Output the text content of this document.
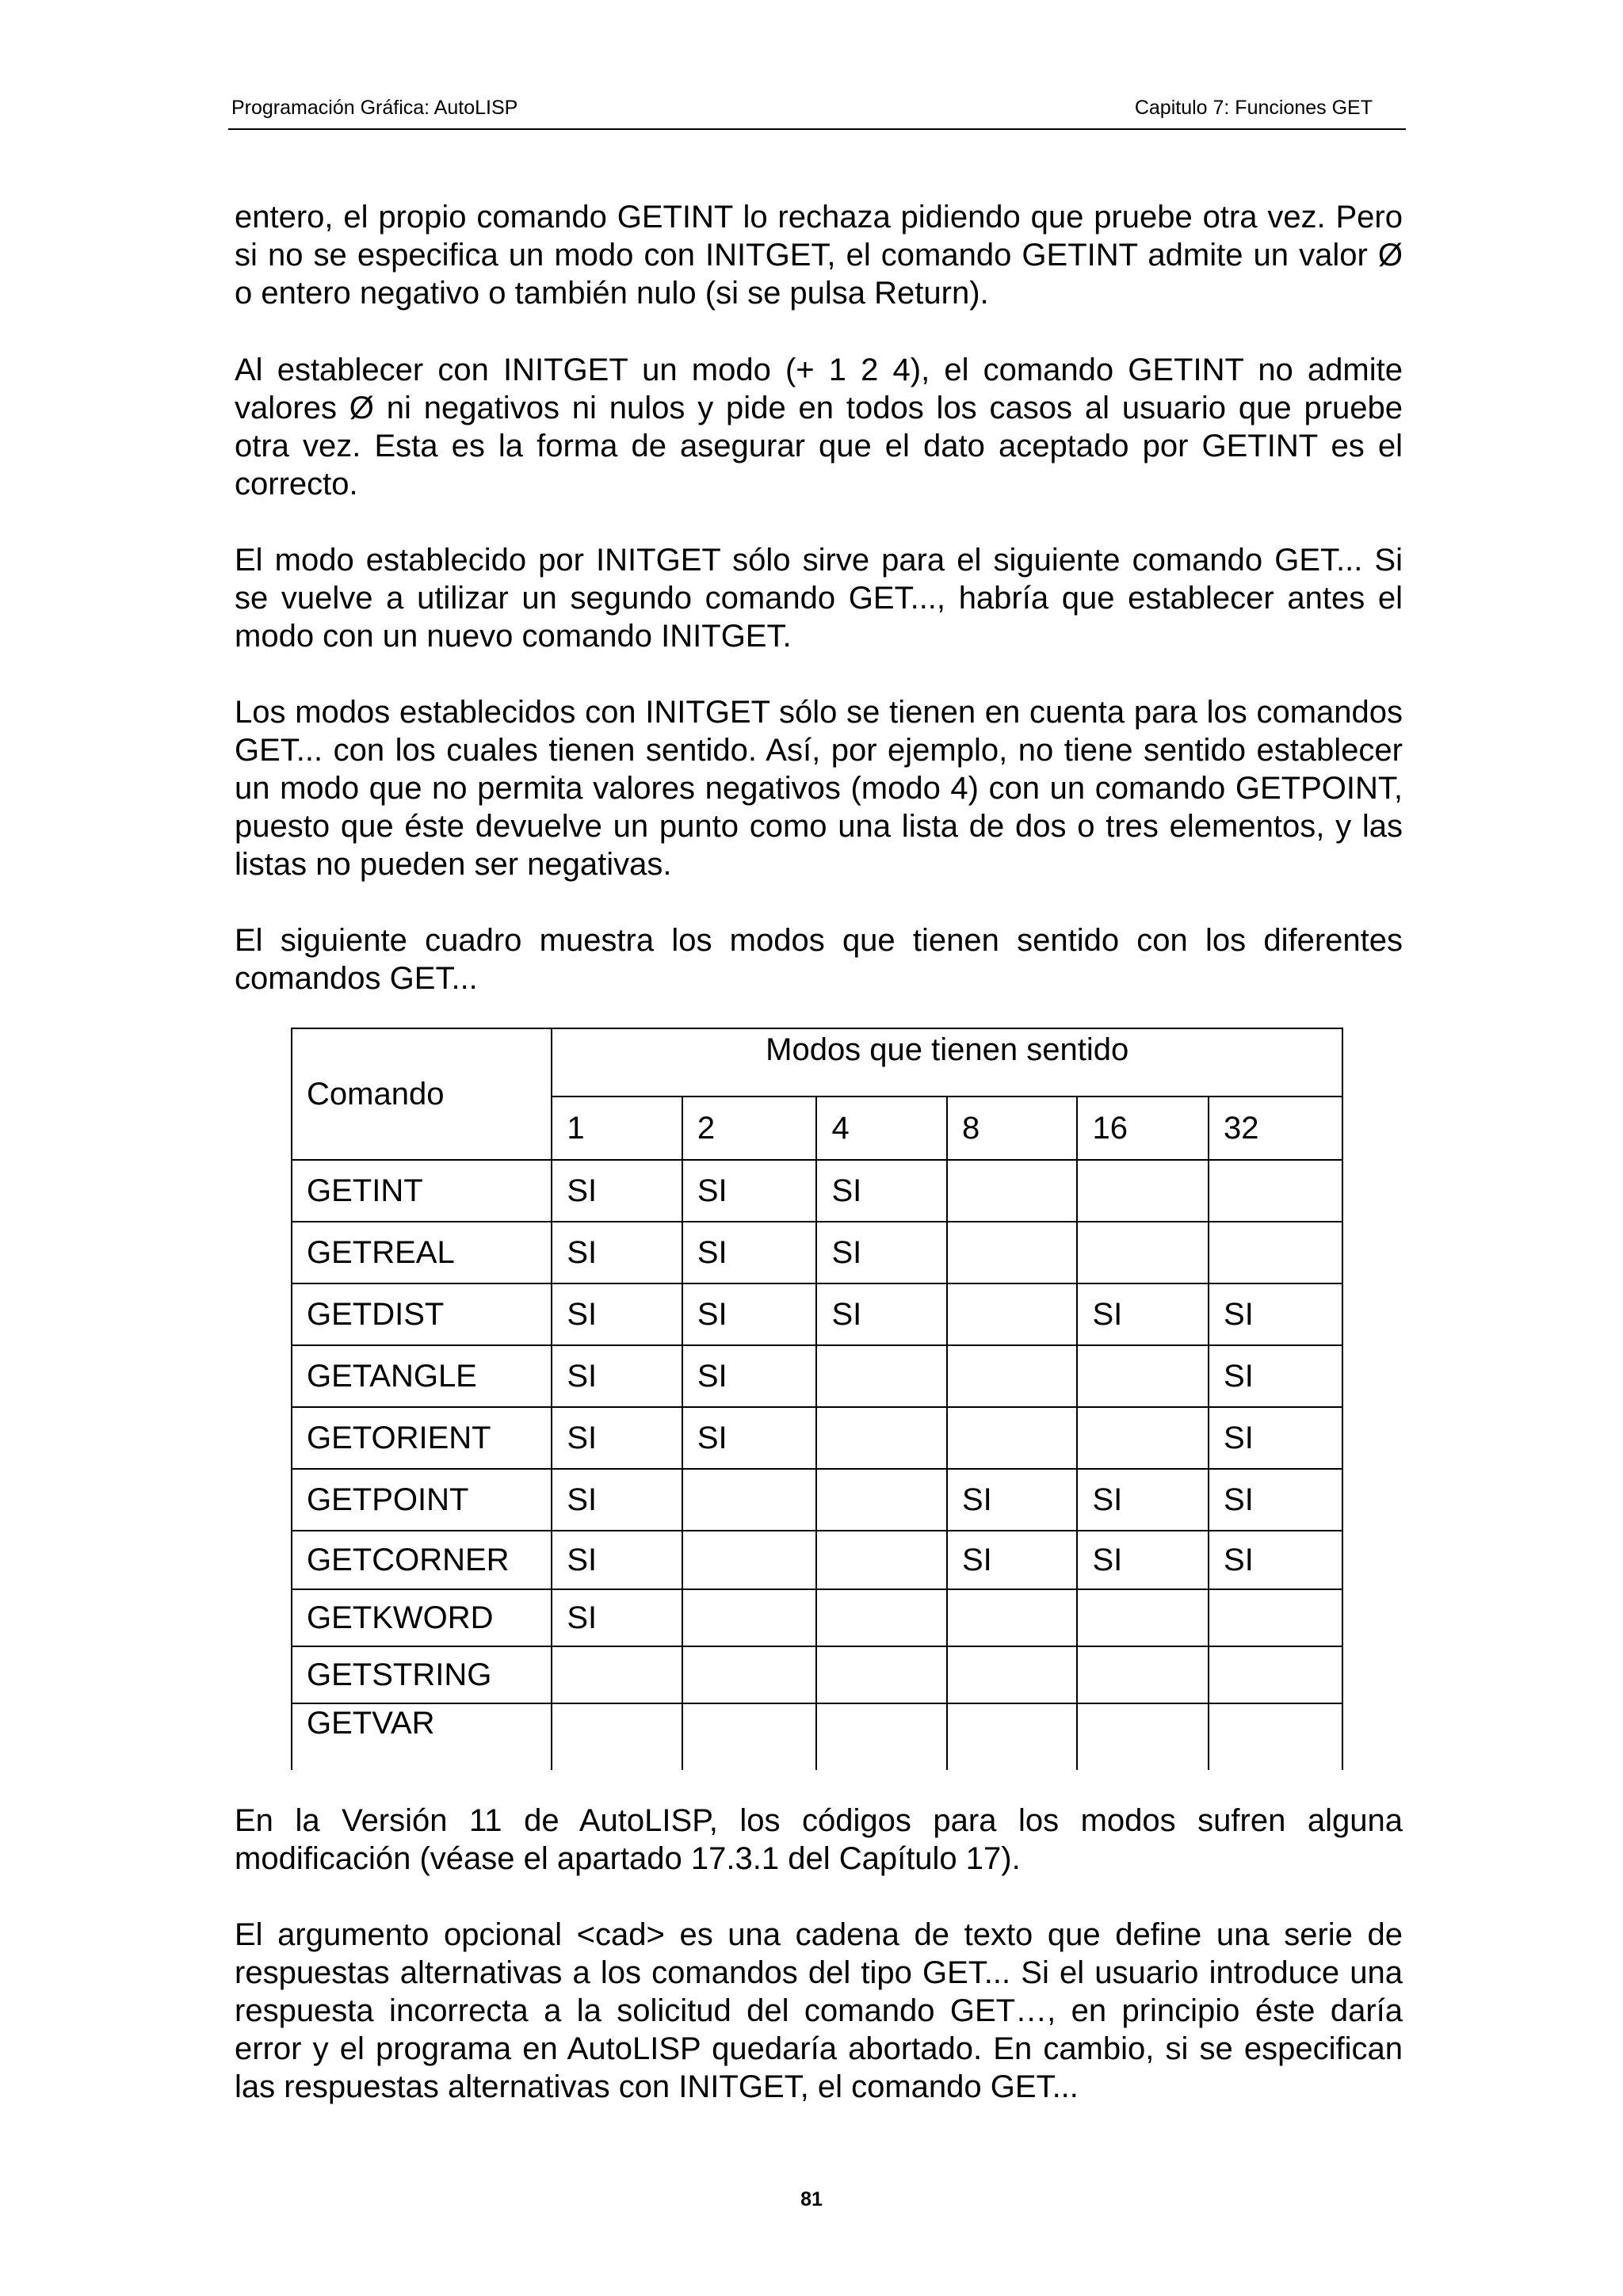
Programación Gráfica: AutoLISP	Capitulo 7: Funciones GET

entero, el propio comando GETINT lo rechaza pidiendo que pruebe otra vez. Pero si no se especifica un modo con INITGET, el comando GETINT admite un valor Ø o entero negativo o también nulo (si se pulsa Return).

Al establecer con INITGET un modo (+ 1 2 4), el comando GETINT no admite valores Ø ni negativos ni nulos y pide en todos los casos al usuario que pruebe otra vez. Esta es la forma de asegurar que el dato aceptado por GETINT es el correcto.

El modo establecido por INITGET sólo sirve para el siguiente comando GET... Si se vuelve a utilizar un segundo comando GET..., habría que establecer antes el modo con un nuevo comando INITGET.

Los modos establecidos con INITGET sólo se tienen en cuenta para los comandos GET... con los cuales tienen sentido. Así, por ejemplo, no tiene sentido establecer un modo que no permita valores negativos (modo 4) con un comando GETPOINT, puesto que éste devuelve un punto como una lista de dos o tres elementos, y las listas no pueden ser negativas.

El siguiente cuadro muestra los modos que tienen sentido con los diferentes comandos GET...

Comando	Modos que tienen sentido					
	1	2	4	8	16	32
GETINT	SI	SI	SI			
GETREAL	SI	SI	SI			
GETDIST	SI	SI	SI		SI	SI
GETANGLE	SI	SI				SI
GETORIENT	SI	SI				SI
GETPOINT	SI			SI	SI	SI
GETCORNER	SI			SI	SI	SI
GETKWORD	SI					
GETSTRING						
GETVAR						

En la Versión 11 de AutoLISP, los códigos para los modos sufren alguna modificación (véase el apartado 17.3.1 del Capítulo 17).

El argumento opcional <cad> es una cadena de texto que define una serie de respuestas alternativas a los comandos del tipo GET... Si el usuario introduce una respuesta incorrecta a la solicitud del comando GET…, en principio éste daría error y el programa en AutoLISP quedaría abortado. En cambio, si se especifican las respuestas alternativas con INITGET, el comando GET...

81
